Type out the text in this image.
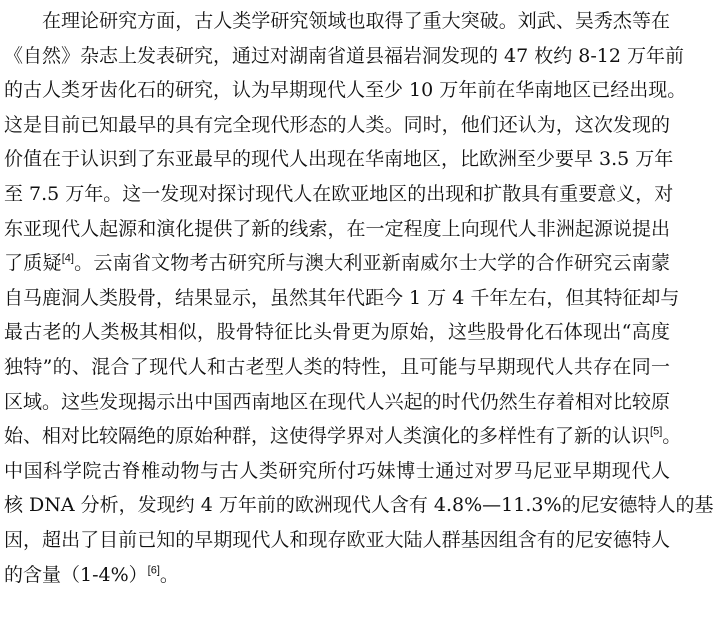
在理论研究方面，古人类学研究领域也取得了重大突破。刘武、吴秀杰等在
《自然》杂志上发表研究，通过对湖南省道县福岩洞发现的 47 枚约 8-12 万年前
的古人类牙齿化石的研究，认为早期现代人至少 10 万年前在华南地区已经出现。
这是目前已知最早的具有完全现代形态的人类。同时，他们还认为，这次发现的
价值在于认识到了东亚最早的现代人出现在华南地区，比欧洲至少要早 3.5 万年
至 7.5 万年。这一发现对探讨现代人在欧亚地区的出现和扩散具有重要意义，对
东亚现代人起源和演化提供了新的线索，在一定程度上向现代人非洲起源说提出
了质疑[4]。云南省文物考古研究所与澳大利亚新南威尔士大学的合作研究云南蒙
自马鹿洞人类股骨，结果显示，虽然其年代距今 1 万 4 千年左右，但其特征却与
最古老的人类极其相似，股骨特征比头骨更为原始，这些股骨化石体现出“高度
独特”的、混合了现代人和古老型人类的特性，且可能与早期现代人共存在同一
区域。这些发现揭示出中国西南地区在现代人兴起的时代仍然生存着相对比较原
始、相对比较隔绝的原始种群，这使得学界对人类演化的多样性有了新的认识[5]。
中国科学院古脊椎动物与古人类研究所付巧妹博士通过对罗马尼亚早期现代人
核 DNA 分析，发现约 4 万年前的欧洲现代人含有 4.8%—11.3%的尼安德特人的基
因，超出了目前已知的早期现代人和现存欧亚大陆人群基因组含有的尼安德特人
的含量（1-4%）[6]。
